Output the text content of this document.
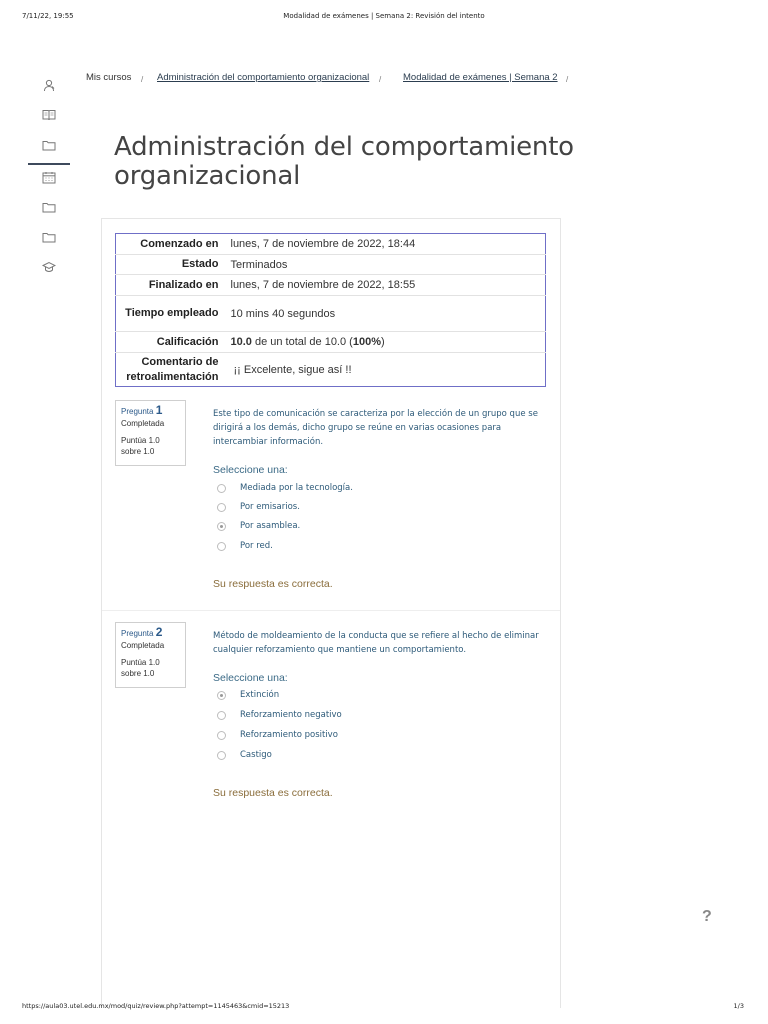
7/11/22, 19:55	Modalidad de exámenes | Semana 2: Revisión del intento
Mis cursos / Administración del comportamiento organizacional / Modalidad de exámenes | Semana 2 /
Administración del comportamiento organizacional
Comenzado en	lunes, 7 de noviembre de 2022, 18:44
Estado	Terminados
Finalizado en	lunes, 7 de noviembre de 2022, 18:55
Tiempo empleado	10 mins 40 segundos
Calificación	10.0 de un total de 10.0 (100%)
Comentario de retroalimentación	¡¡ Excelente, sigue así !!
Pregunta 1
Completada
Puntúa 1.0 sobre 1.0
Este tipo de comunicación se caracteriza por la elección de un grupo que se dirigirá a los demás, dicho grupo se reúne en varias ocasiones para intercambiar información.
Seleccione una:
Mediada por la tecnología.
Por emisarios.
Por asamblea.
Por red.
Su respuesta es correcta.
Pregunta 2
Completada
Puntúa 1.0 sobre 1.0
Método de moldeamiento de la conducta que se refiere al hecho de eliminar cualquier reforzamiento que mantiene un comportamiento.
Seleccione una:
Extinción
Reforzamiento negativo
Reforzamiento positivo
Castigo
Su respuesta es correcta.
?
https://aula03.utel.edu.mx/mod/quiz/review.php?attempt=1145463&cmid=15213	1/3
